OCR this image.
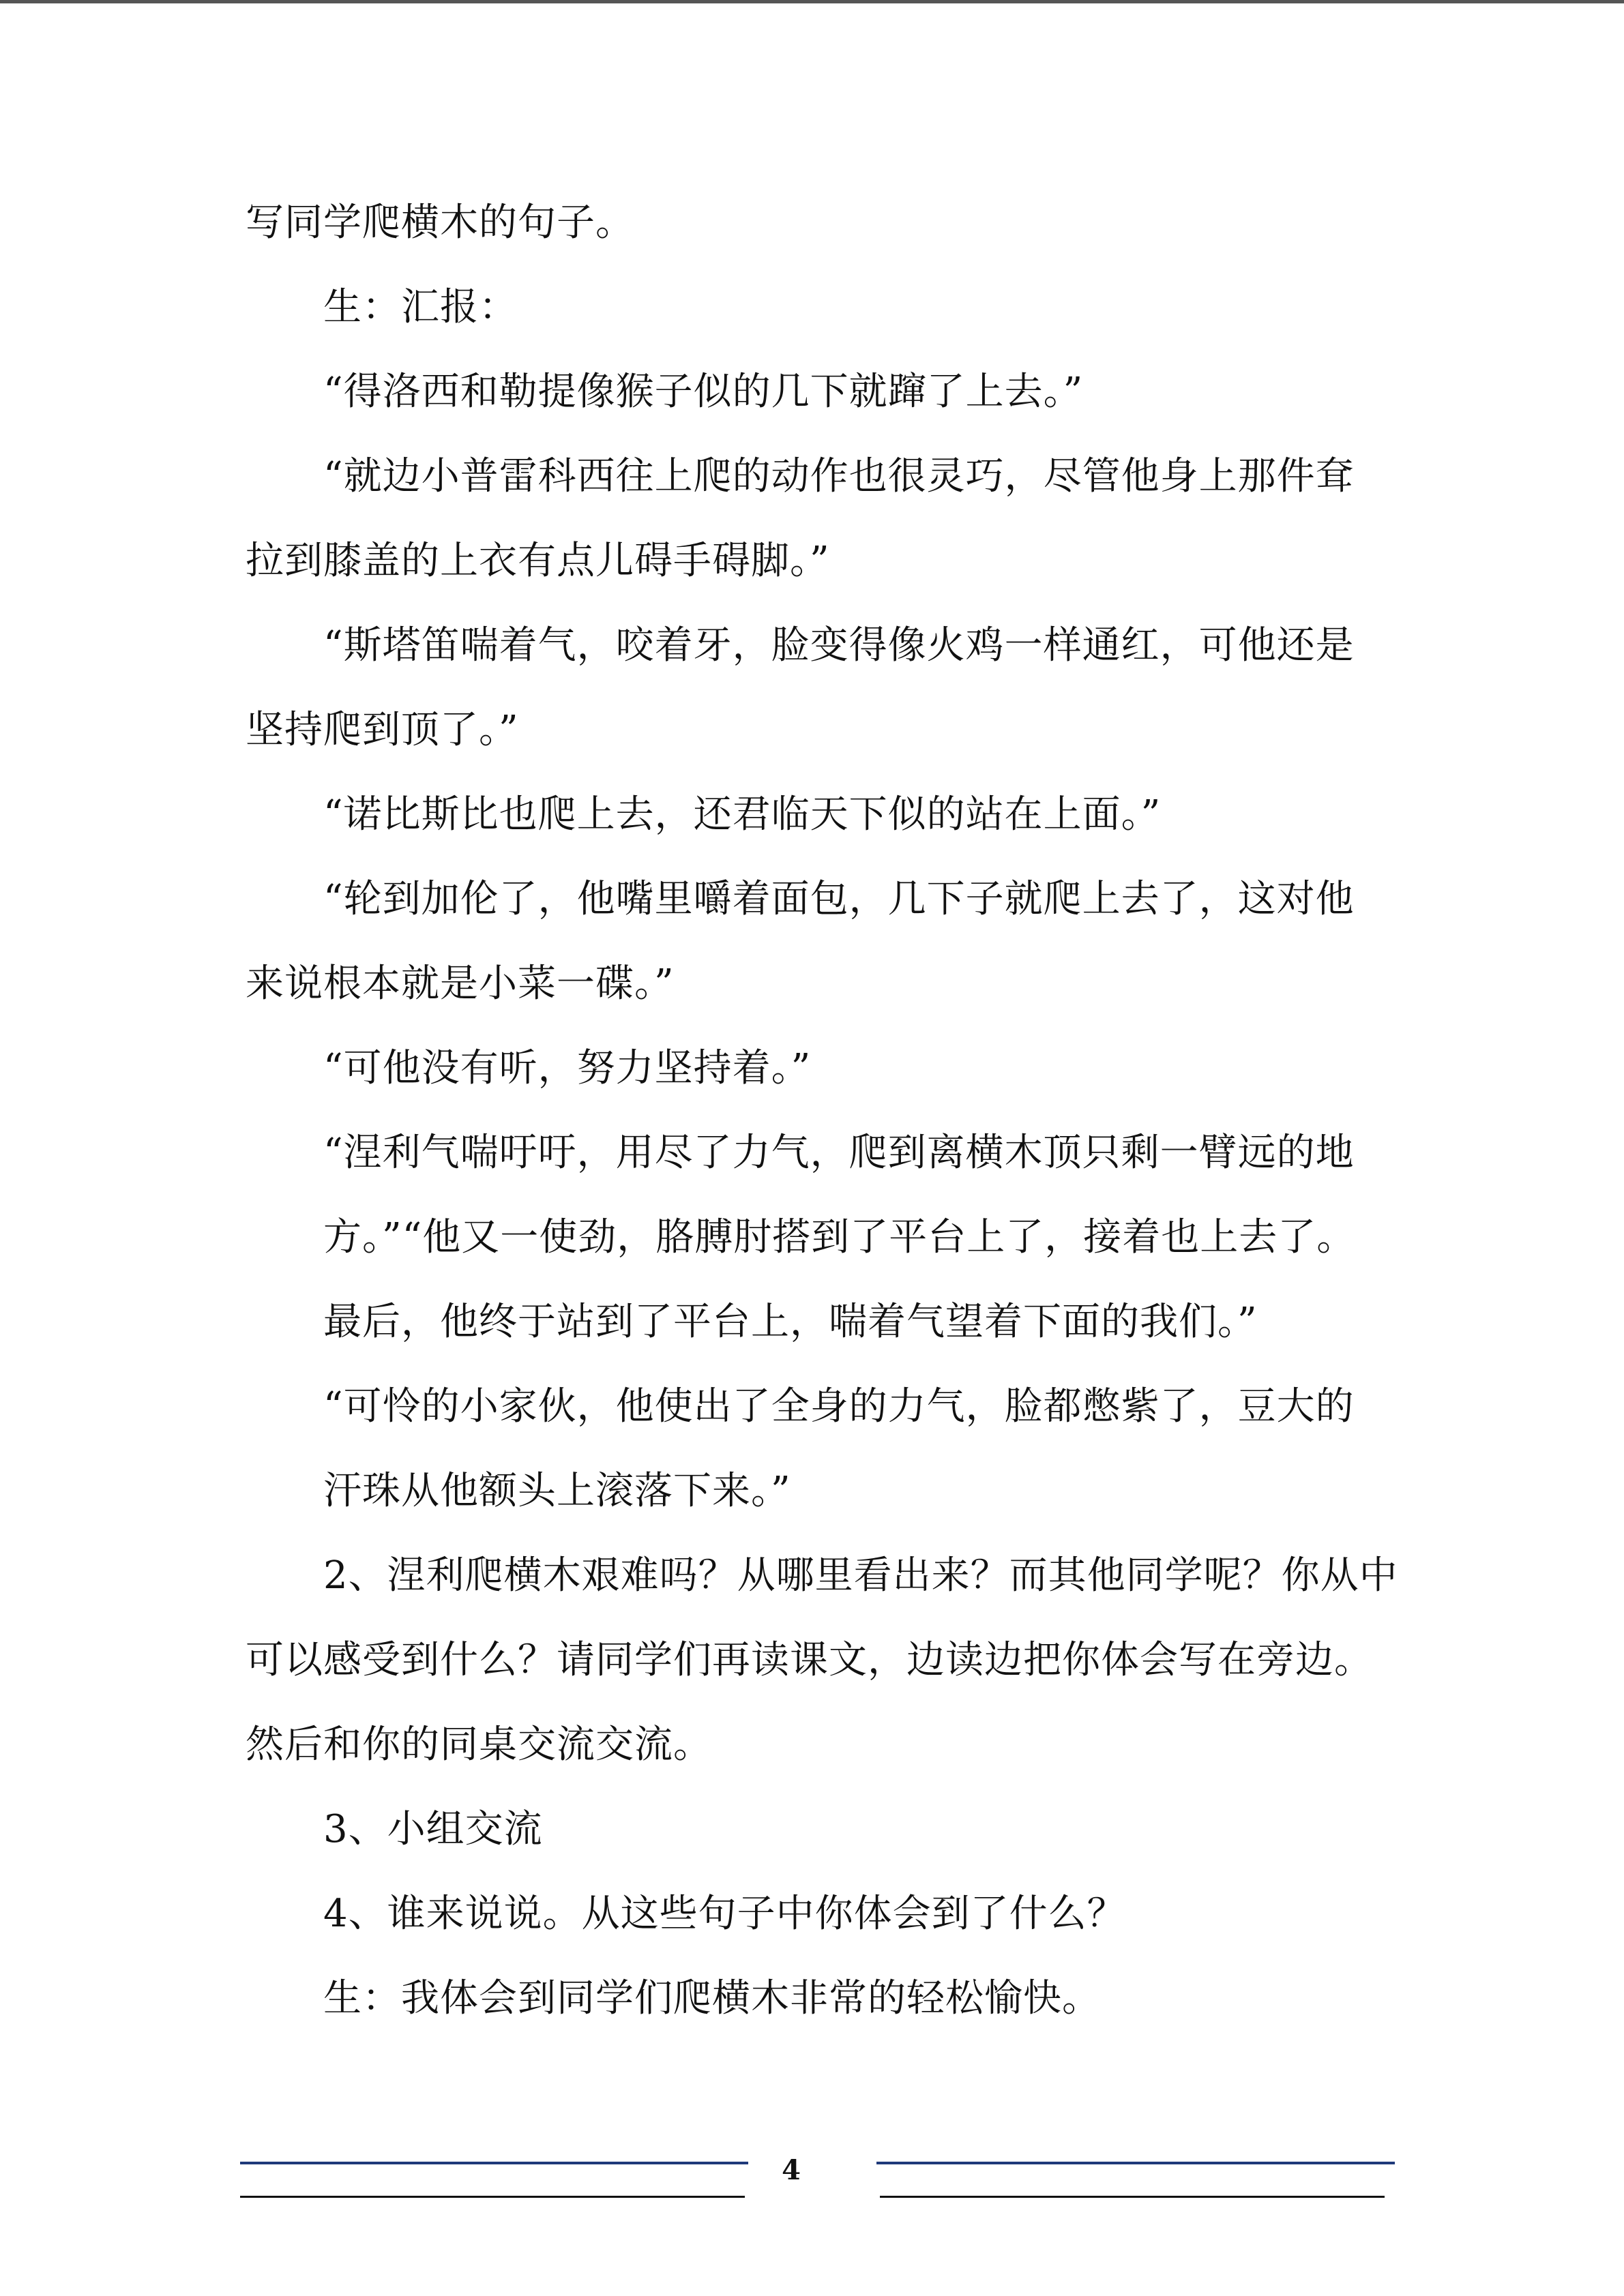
写同学爬横木的句子。
生：汇报：
“得洛西和勒提像猴子似的几下就蹿了上去。”
“就边小普雷科西往上爬的动作也很灵巧，尽管他身上那件耷
拉到膝盖的上衣有点儿碍手碍脚。”
“斯塔笛喘着气，咬着牙，脸变得像火鸡一样通红，可他还是
坚持爬到顶了。”
“诺比斯比也爬上去，还君临天下似的站在上面。”
“轮到加伦了，他嘴里嚼着面包，几下子就爬上去了，这对他
来说根本就是小菜一碟。”
“可他没有听，努力坚持着。”
“涅利气喘吁吁，用尽了力气，爬到离横木顶只剩一臂远的地
方。”“他又一使劲，胳膊肘搭到了平台上了，接着也上去了。
最后，他终于站到了平台上，喘着气望着下面的我们。”
“可怜的小家伙，他使出了全身的力气，脸都憋紫了，豆大的
汗珠从他额头上滚落下来。”
2、涅利爬横木艰难吗？从哪里看出来？而其他同学呢？你从中
可以感受到什么？请同学们再读课文，边读边把你体会写在旁边。
然后和你的同桌交流交流。
3、小组交流
4、谁来说说。从这些句子中你体会到了什么？
生：我体会到同学们爬横木非常的轻松愉快。
4
